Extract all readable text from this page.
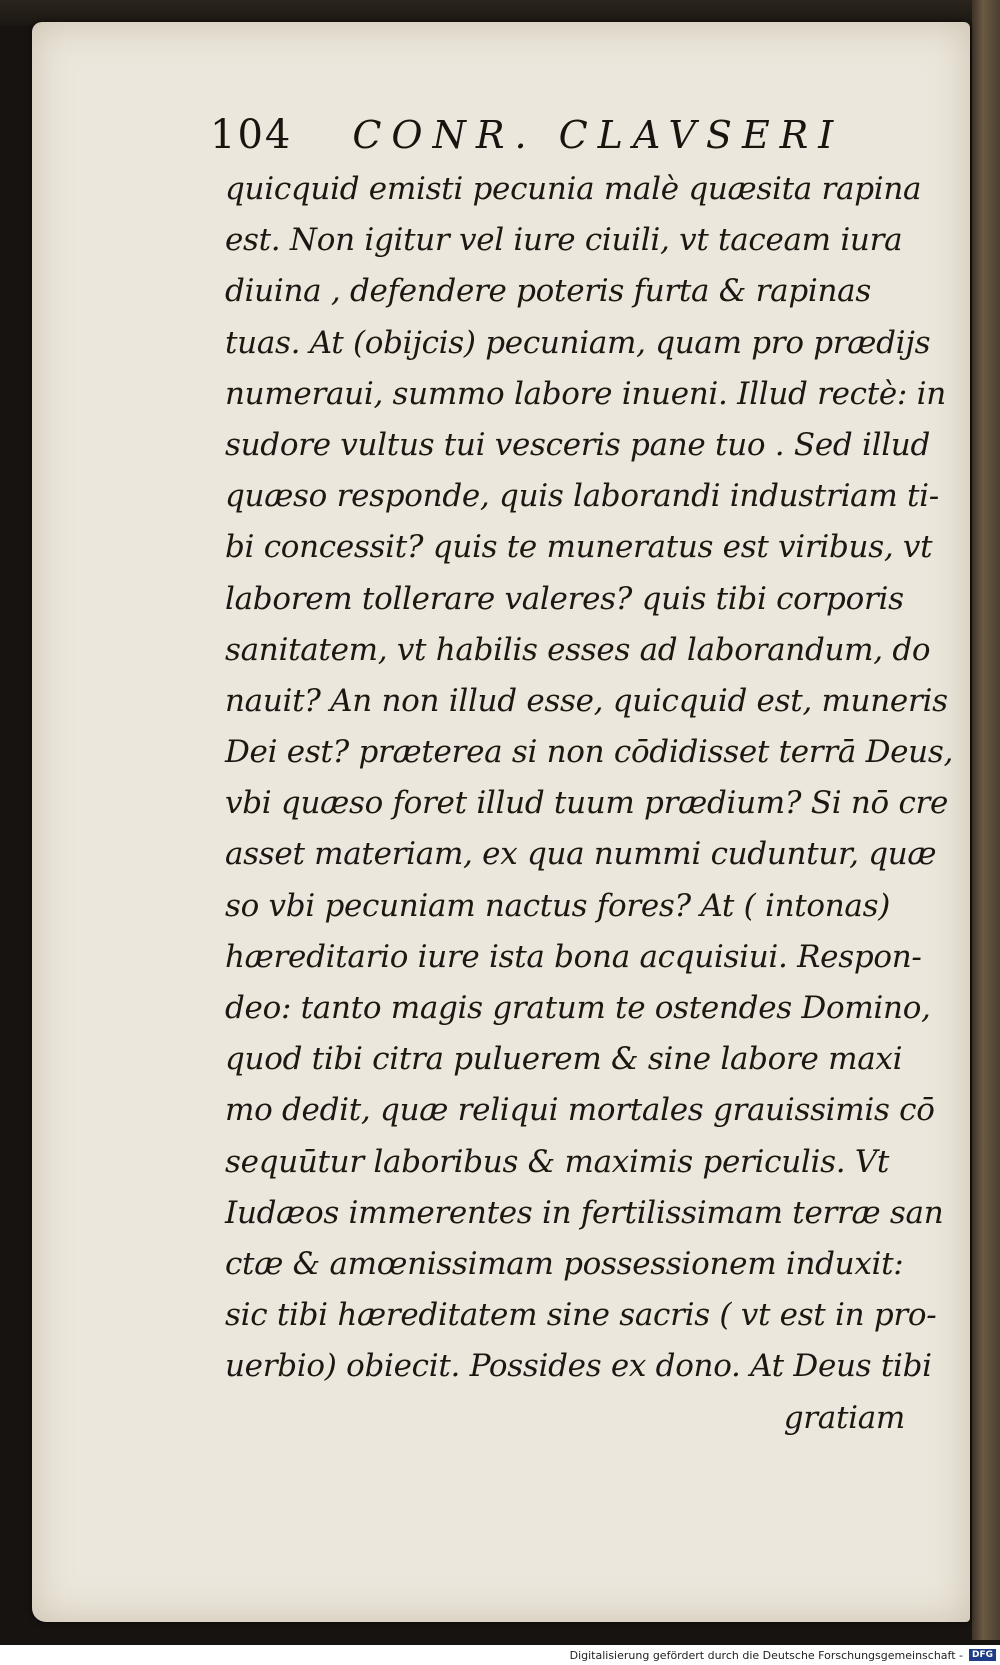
104 CONR. CLAVSERI
quicquid emisti pecunia malè quæsita rapina
est. Non igitur vel iure ciuili, vt taceam iura
diuina , defendere poteris furta & rapinas
tuas. At (obijcis) pecuniam, quam pro prædijs
numeraui, summo labore inueni. Illud rectè: in
sudore vultus tui vesceris pane tuo . Sed illud
quæso responde, quis laborandi industriam ti-
bi concessit? quis te muneratus est viribus, vt
laborem tollerare valeres? quis tibi corporis
sanitatem, vt habilis esses ad laborandum, do
nauit? An non illud esse, quicquid est, muneris
Dei est? præterea si non cōdidisset terrā Deus,
vbi quæso foret illud tuum prædium? Si nō cre
asset materiam, ex qua nummi cuduntur, quæ
so vbi pecuniam nactus fores? At ( intonas)
hæreditario iure ista bona acquisiui. Respon-
deo: tanto magis gratum te ostendes Domino,
quod tibi citra puluerem & sine labore maxi
mo dedit, quæ reliqui mortales grauissimis cō
sequūtur laboribus & maximis periculis. Vt
Iudæos immerentes in fertilissimam terræ san
ctæ & amœnissimam possessionem induxit:
sic tibi hæreditatem sine sacris ( vt est in pro-
uerbio) obiecit. Possides ex dono. At Deus tibi
gratiam
Digitalisierung gefördert durch die Deutsche Forschungsgemeinschaft -	DFG
